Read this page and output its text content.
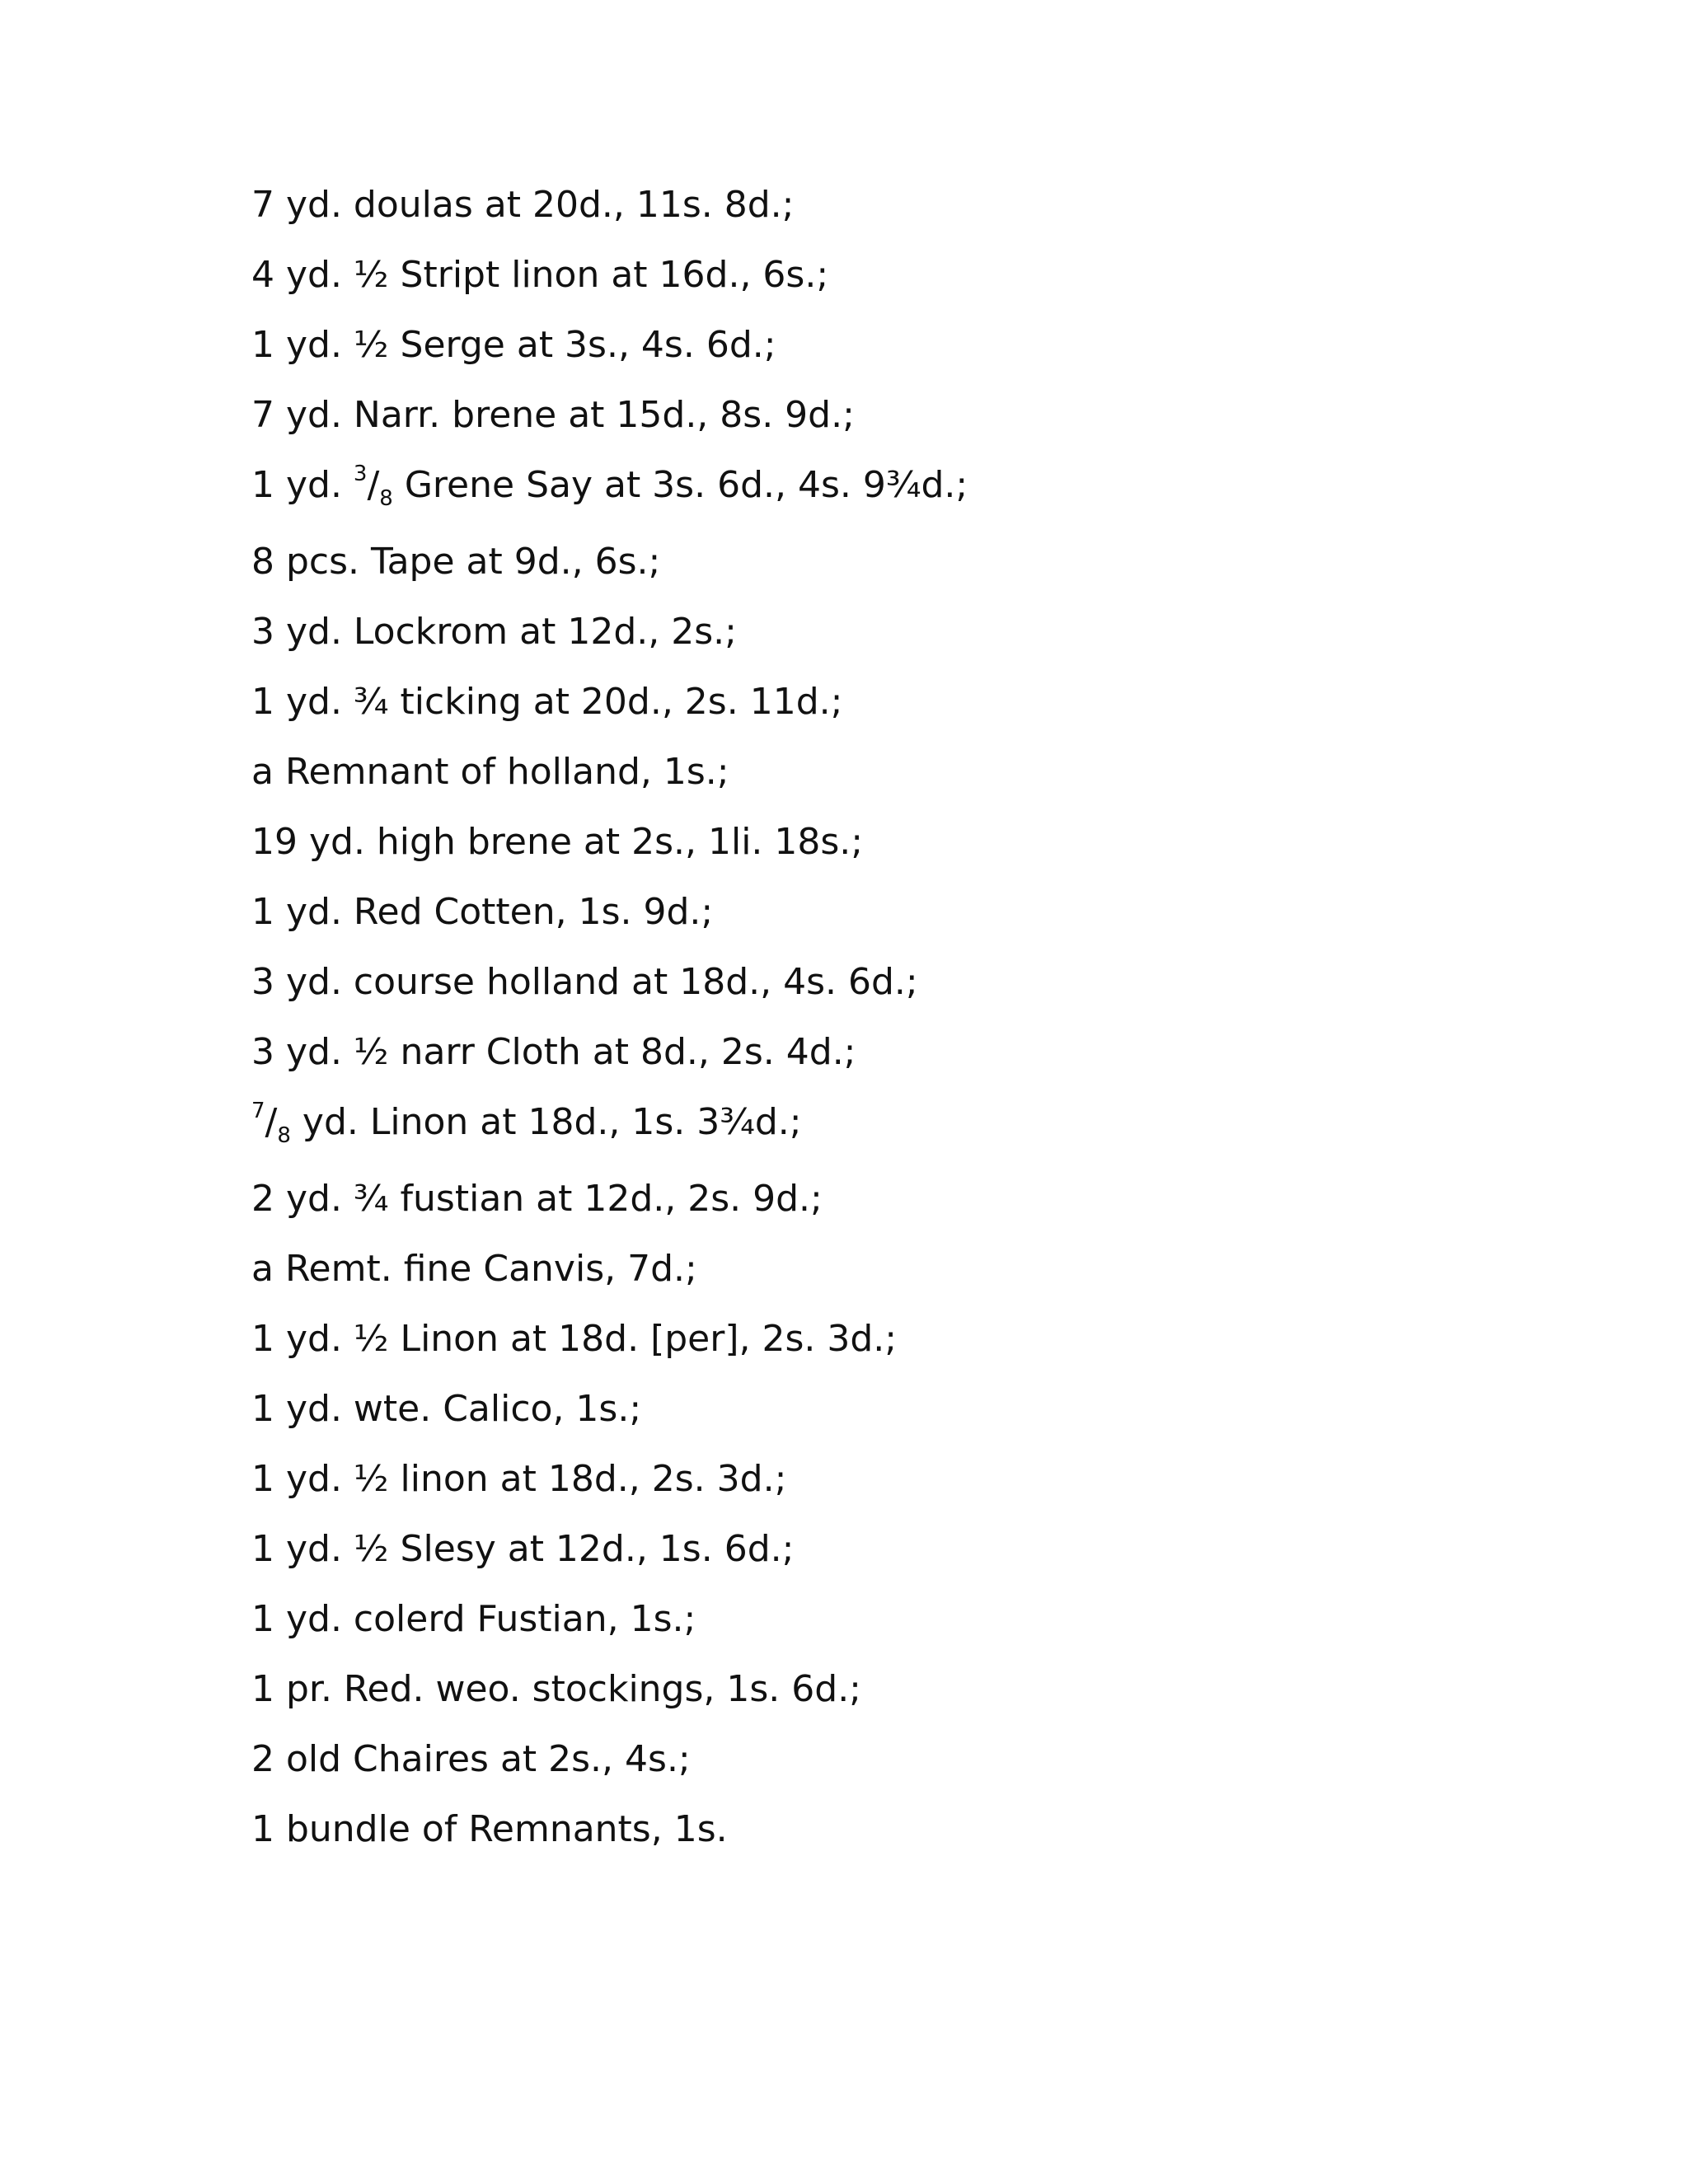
7 yd. doulas at 20d., 11s. 8d.;
4 yd. ½ Stript linon at 16d., 6s.;
1 yd. ½ Serge at 3s., 4s. 6d.;
7 yd. Narr. brene at 15d., 8s. 9d.;
1 yd. $^3/_8$ Grene Say at 3s. 6d., 4s. 9¾d.;
8 pcs. Tape at 9d., 6s.;
3 yd. Lockrom at 12d., 2s.;
1 yd. ¾ ticking at 20d., 2s. 11d.;
a Remnant of holland, 1s.;
19 yd. high brene at 2s., 1li. 18s.;
1 yd. Red Cotten, 1s. 9d.;
3 yd. course holland at 18d., 4s. 6d.;
3 yd. ½ narr Cloth at 8d., 2s. 4d.;
$^7/_8$ yd. Linon at 18d., 1s. 3¾d.;
2 yd. ¾ fustian at 12d., 2s. 9d.;
a Remt. fine Canvis, 7d.;
1 yd. ½ Linon at 18d. [per], 2s. 3d.;
1 yd. wte. Calico, 1s.;
1 yd. ½ linon at 18d., 2s. 3d.;
1 yd. ½ Slesy at 12d., 1s. 6d.;
1 yd. colerd Fustian, 1s.;
1 pr. Red. weo. stockings, 1s. 6d.;
2 old Chaires at 2s., 4s.;
1 bundle of Remnants, 1s.
